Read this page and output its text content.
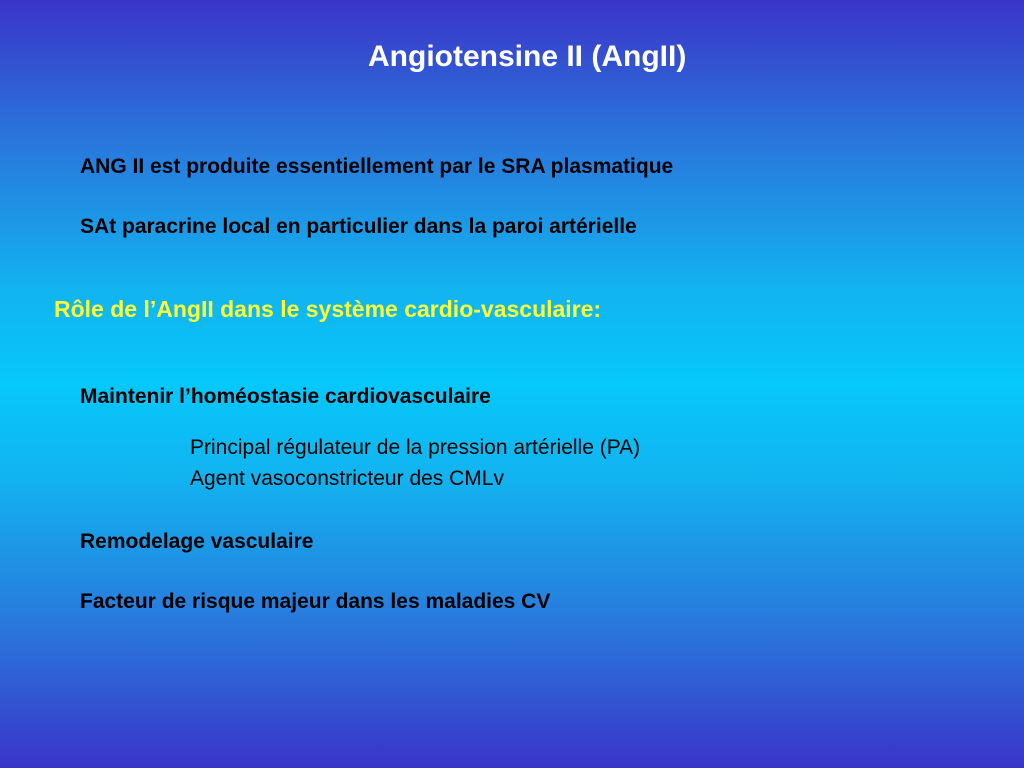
Angiotensine II (AngII)
ANG II est produite essentiellement par le SRA plasmatique
SAt paracrine local en particulier dans la paroi artérielle
Rôle de l’AngII dans le système cardio-vasculaire:
Maintenir l’homéostasie cardiovasculaire
Principal régulateur de la pression artérielle (PA)
Agent vasoconstricteur des CMLv
Remodelage vasculaire
Facteur de risque majeur dans les maladies CV
